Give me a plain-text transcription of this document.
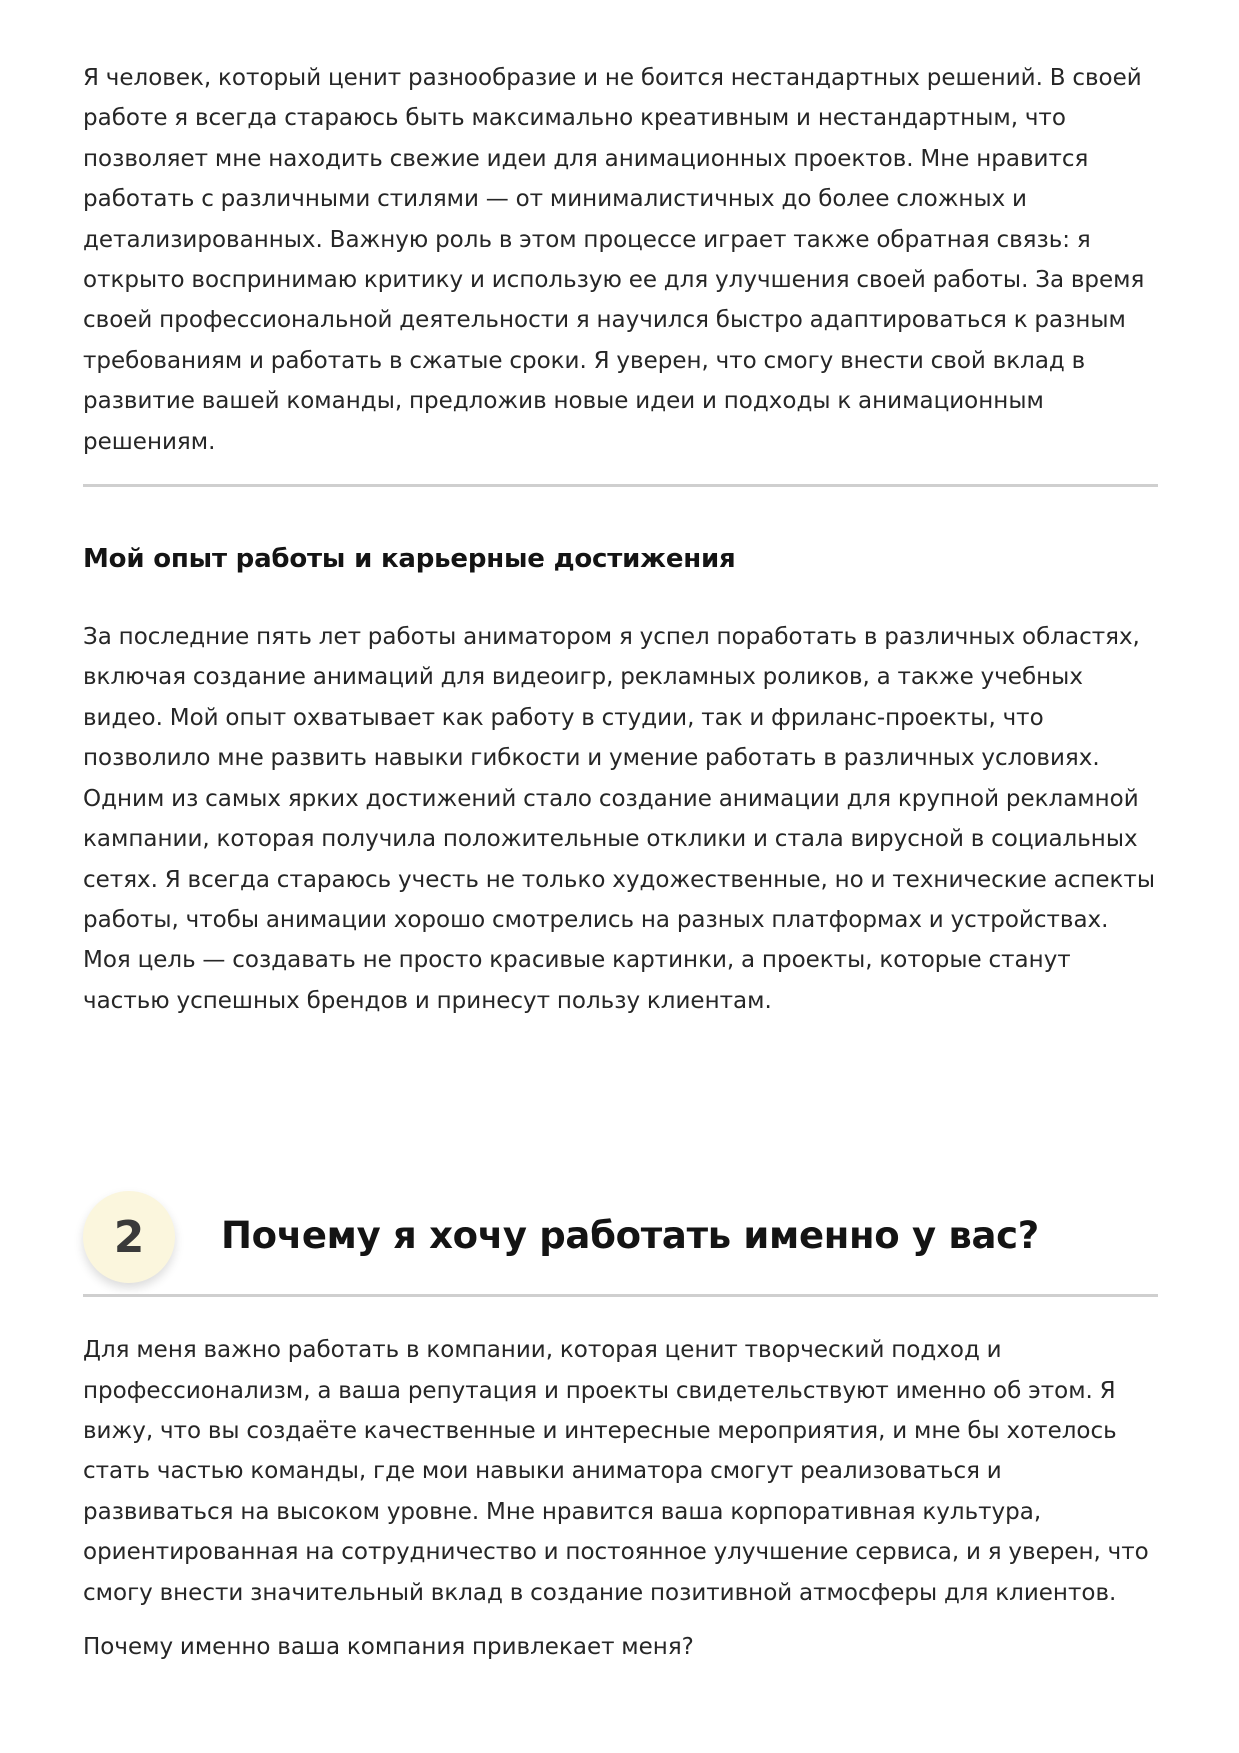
Я человек, который ценит разнообразие и не боится нестандартных решений. В своей работе я всегда стараюсь быть максимально креативным и нестандартным, что позволяет мне находить свежие идеи для анимационных проектов. Мне нравится работать с различными стилями — от минималистичных до более сложных и детализированных. Важную роль в этом процессе играет также обратная связь: я открыто воспринимаю критику и использую ее для улучшения своей работы. За время своей профессиональной деятельности я научился быстро адаптироваться к разным требованиям и работать в сжатые сроки. Я уверен, что смогу внести свой вклад в развитие вашей команды, предложив новые идеи и подходы к анимационным решениям.

Мой опыт работы и карьерные достижения

За последние пять лет работы аниматором я успел поработать в различных областях, включая создание анимаций для видеоигр, рекламных роликов, а также учебных видео. Мой опыт охватывает как работу в студии, так и фриланс-проекты, что позволило мне развить навыки гибкости и умение работать в различных условиях. Одним из самых ярких достижений стало создание анимации для крупной рекламной кампании, которая получила положительные отклики и стала вирусной в социальных сетях. Я всегда стараюсь учесть не только художественные, но и технические аспекты работы, чтобы анимации хорошо смотрелись на разных платформах и устройствах. Моя цель — создавать не просто красивые картинки, а проекты, которые станут частью успешных брендов и принесут пользу клиентам.

2	Почему я хочу работать именно у вас?

Для меня важно работать в компании, которая ценит творческий подход и профессионализм, а ваша репутация и проекты свидетельствуют именно об этом. Я вижу, что вы создаёте качественные и интересные мероприятия, и мне бы хотелось стать частью команды, где мои навыки аниматора смогут реализоваться и развиваться на высоком уровне. Мне нравится ваша корпоративная культура, ориентированная на сотрудничество и постоянное улучшение сервиса, и я уверен, что смогу внести значительный вклад в создание позитивной атмосферы для клиентов.

Почему именно ваша компания привлекает меня?
